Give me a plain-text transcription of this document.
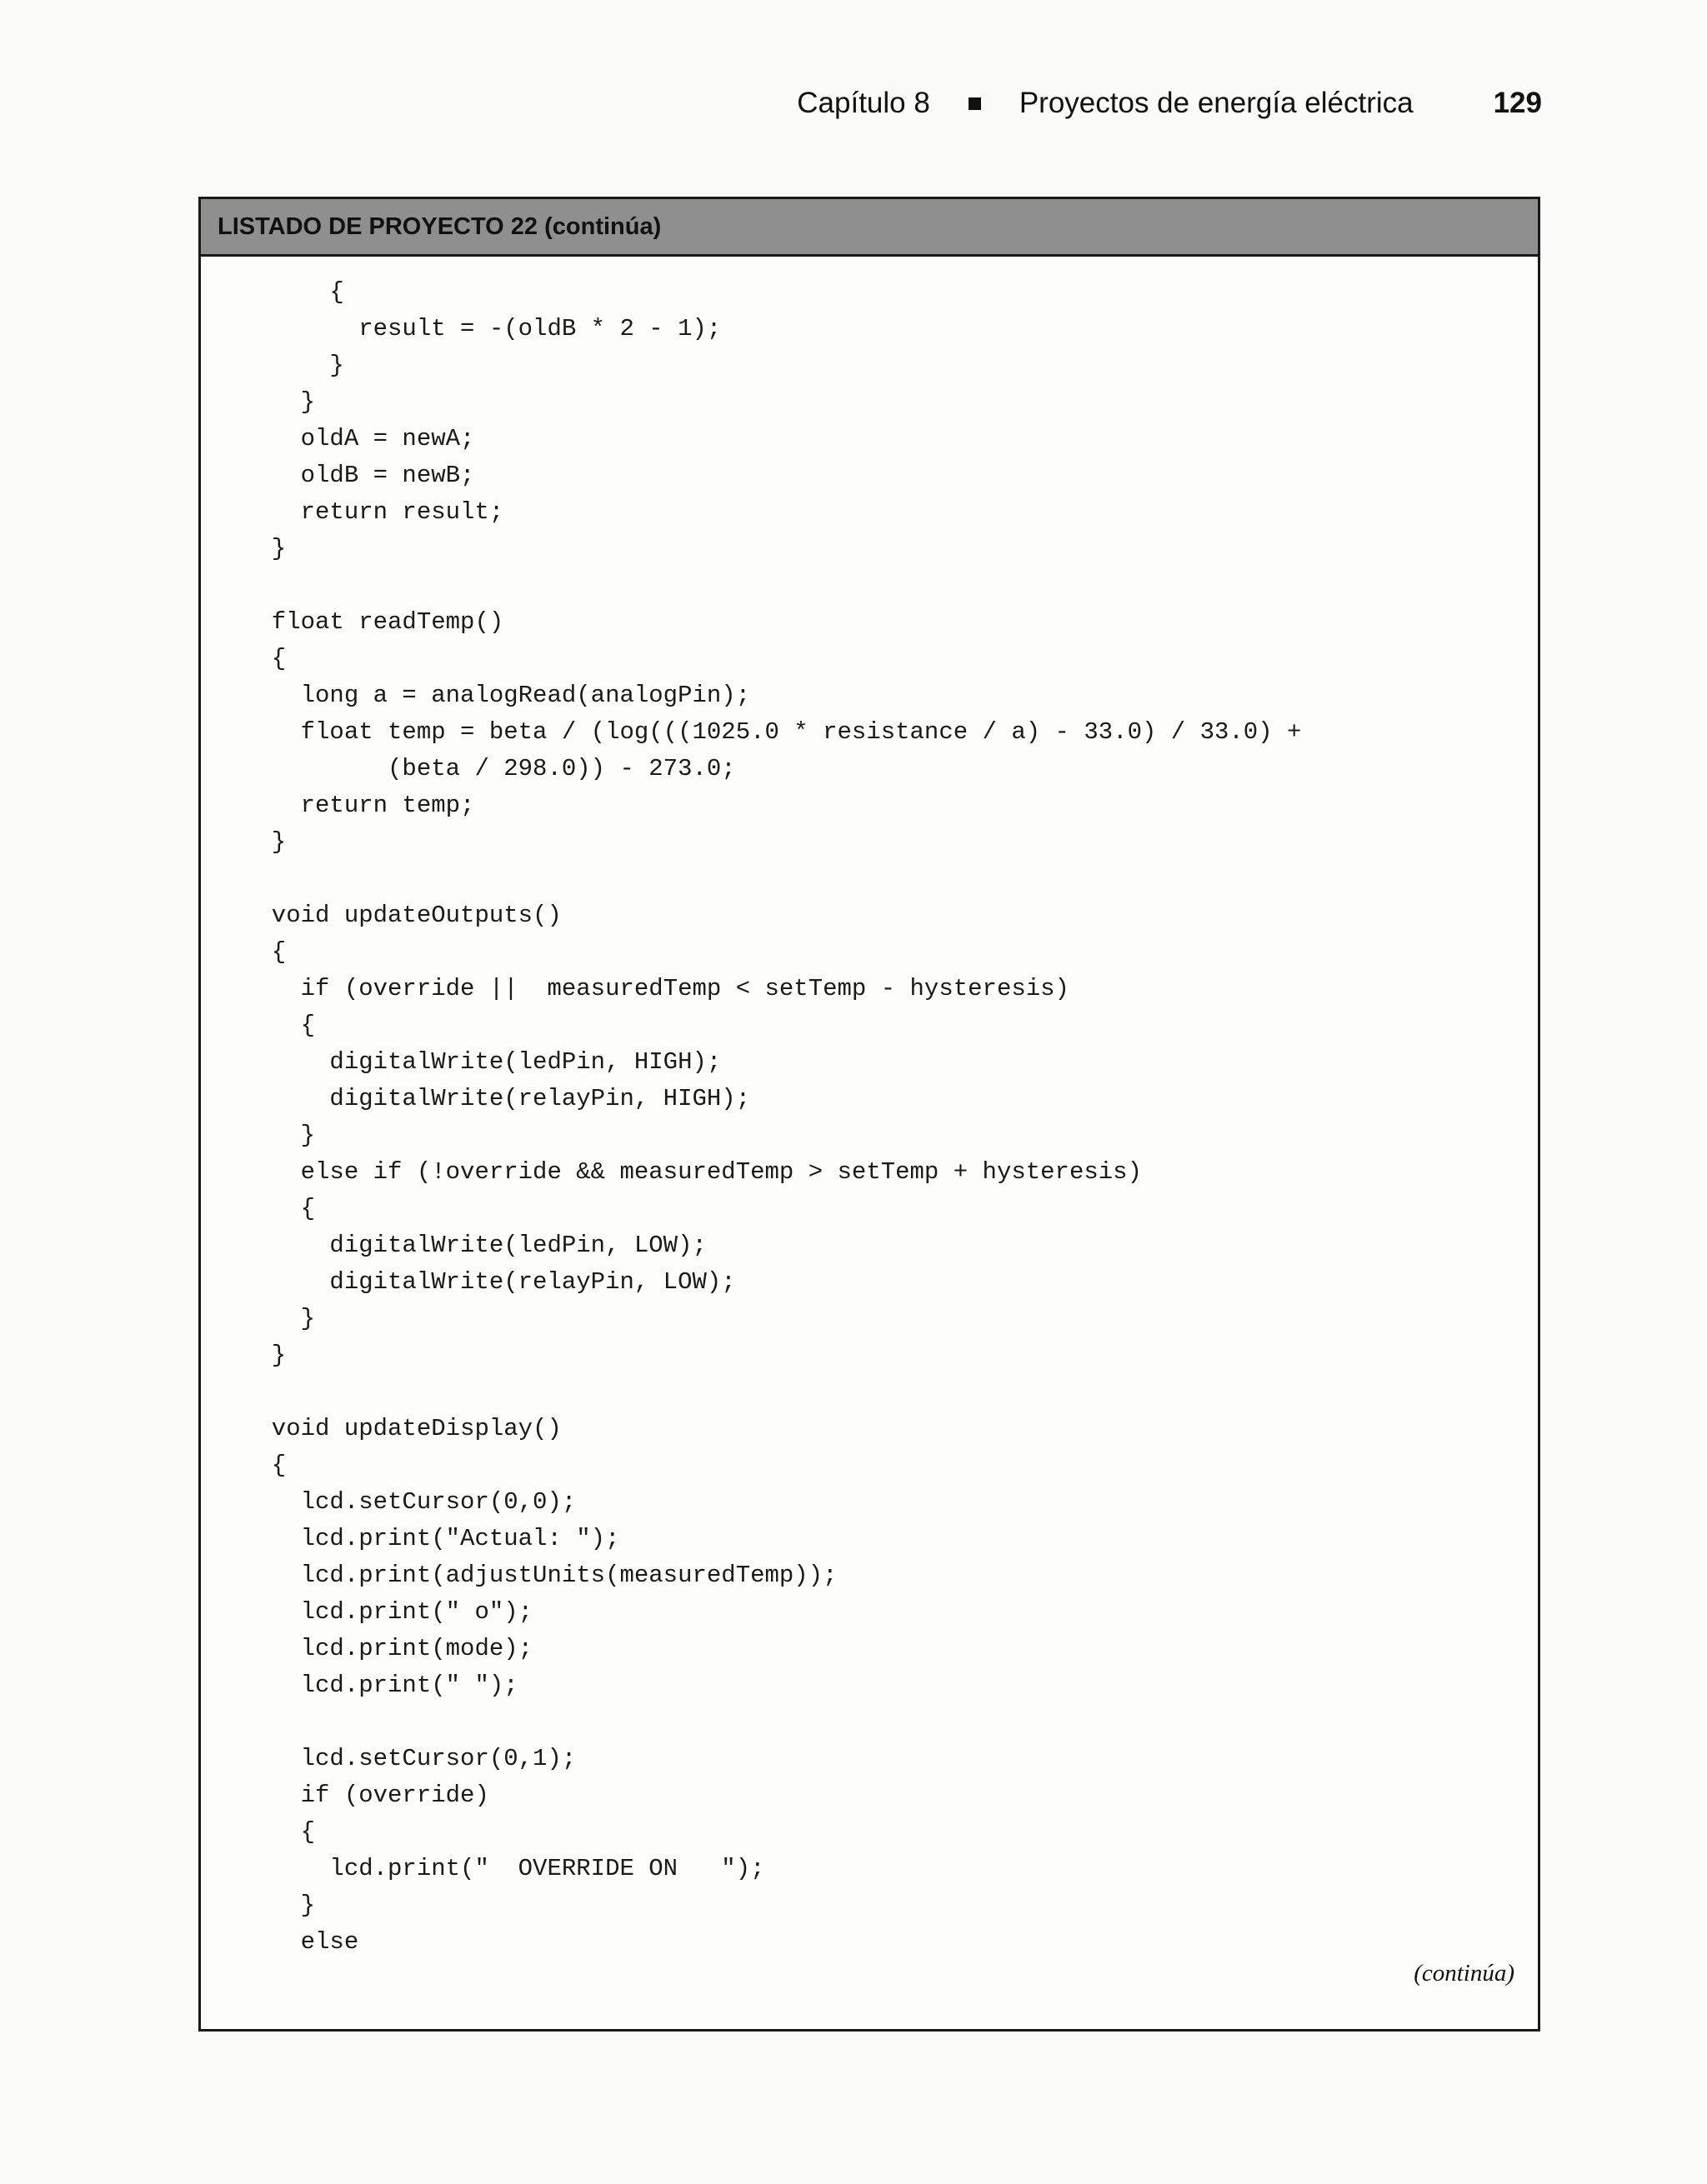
Capítulo 8	Proyectos de energía eléctrica	129
LISTADO DE PROYECTO 22 (continúa)
{
result = -(oldB * 2 - 1);
}
}
oldA = newA;
oldB = newB;
return result;
}
float readTemp()
{
long a = analogRead(analogPin);
float temp = beta / (log(((1025.0 * resistance / a) - 33.0) / 33.0) +
(beta / 298.0)) - 273.0;
return temp;
}
void updateOutputs()
{
if (override ||  measuredTemp < setTemp - hysteresis)
{
digitalWrite(ledPin, HIGH);
digitalWrite(relayPin, HIGH);
}
else if (!override && measuredTemp > setTemp + hysteresis)
{
digitalWrite(ledPin, LOW);
digitalWrite(relayPin, LOW);
}
}
void updateDisplay()
{
lcd.setCursor(0,0);
lcd.print("Actual: ");
lcd.print(adjustUnits(measuredTemp));
lcd.print(" o");
lcd.print(mode);
lcd.print(" ");
lcd.setCursor(0,1);
if (override)
{
lcd.print("  OVERRIDE ON   ");
}
else
(continúa)
